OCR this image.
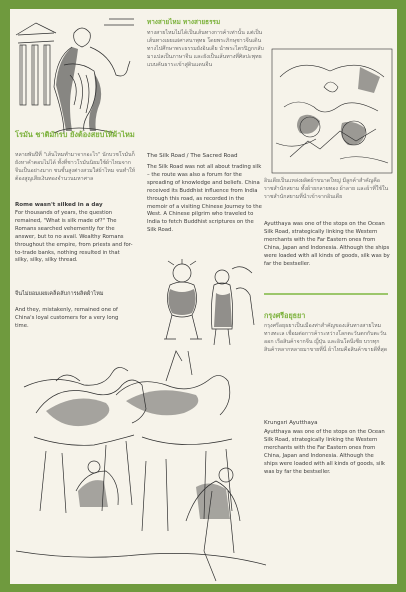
โรมัน ชาติมักรบ ยังต้องสยบให้ผ้าไหม
หลายพันปีที่ "เส้นไหมทำมาจากอะไร" นักบวชโรมันก็ยังหาคำตอบไม่ได้ ทั้งที่ชาวโรมันนิยมใช้ผ้าไหมจากจีนเป็นอย่างมาก ชนชั้นสูงต่างสวมใส่ผ้าไหม จนทำให้ต้องสูญเสียเงินทองจำนวนมหาศาล
Rome wasn't silked in a day
For thousands of years, the question remained, "What is silk made of?" The Romans searched vehemently for the answer, but to no avail. Wealthy Romans throughout the empire, from priests and for-to-trade banks, nothing resulted in that silky, silky, silky thread.
จีนไม่ยอมเผยเคล็ดลับการผลิตผ้าไหม
And they, mistakenly, remained one of China's loyal customers for a very long time.
ทางสายไหม ทางสายธรรม
ทางสายไหมไม่ได้เป็นเส้นทางการค้าเท่านั้น แต่เป็นเส้นทางเผยแผ่ศาสนาพุทธ โดยพระภิกษุชาวจีนเดินทางไปศึกษาพระธรรมยังอินเดีย นำพระไตรปิฎกกลับมาแปลเป็นภาษาจีน และยังเป็นเส้นทางที่ศิลปะพุทธแบบคันธาระเข้าสู่ดินแดนจีน
The Silk Road / The Sacred Road
The Silk Road was not all about trading silk – the route was also a forum for the spreading of knowledge and beliefs. China received its Buddhist influence from India through this road, as recorded in the memoir of a visiting Chinese Journey to the West. A Chinese pilgrim who traveled to India to fetch Buddhist scriptures on the Silk Road.
อินเดียเป็นแหล่งผลิตผ้าขนาดใหญ่ มีลูกค้าสำคัญคือ ราชสำนักสยาม ทั้งผ้ายกลายทอง ผ้าลาย และผ้าที่ใช้ในราชสำนักสยามที่นำเข้าจากอินเดีย
Ayutthaya was one of the stops on the Ocean Silk Road, strategically linking the Western merchants with the Far Eastern ones from China, Japan and Indonesia. Although the ships were loaded with all kinds of goods, silk was by far the bestseller.
กรุงศรีอยุธยา
กรุงศรีอยุธยาเป็นเมืองท่าสำคัญของเส้นทางสายไหมทางทะเล เชื่อมต่อการค้าระหว่างโลกตะวันตกกับตะวันออก เรือสินค้าจากจีน ญี่ปุ่น และอินโดนีเซีย บรรทุกสินค้าหลากหลายมาขายที่นี่ ผ้าไหมคือสินค้าขายดีที่สุด
Krungsri Ayutthaya
Ayutthaya was one of the stops on the Ocean Silk Road, strategically linking the Western merchants with the Far Eastern ones from China, Japan and Indonesia. Although the ships were loaded with all kinds of goods, silk was by far the bestseller.
